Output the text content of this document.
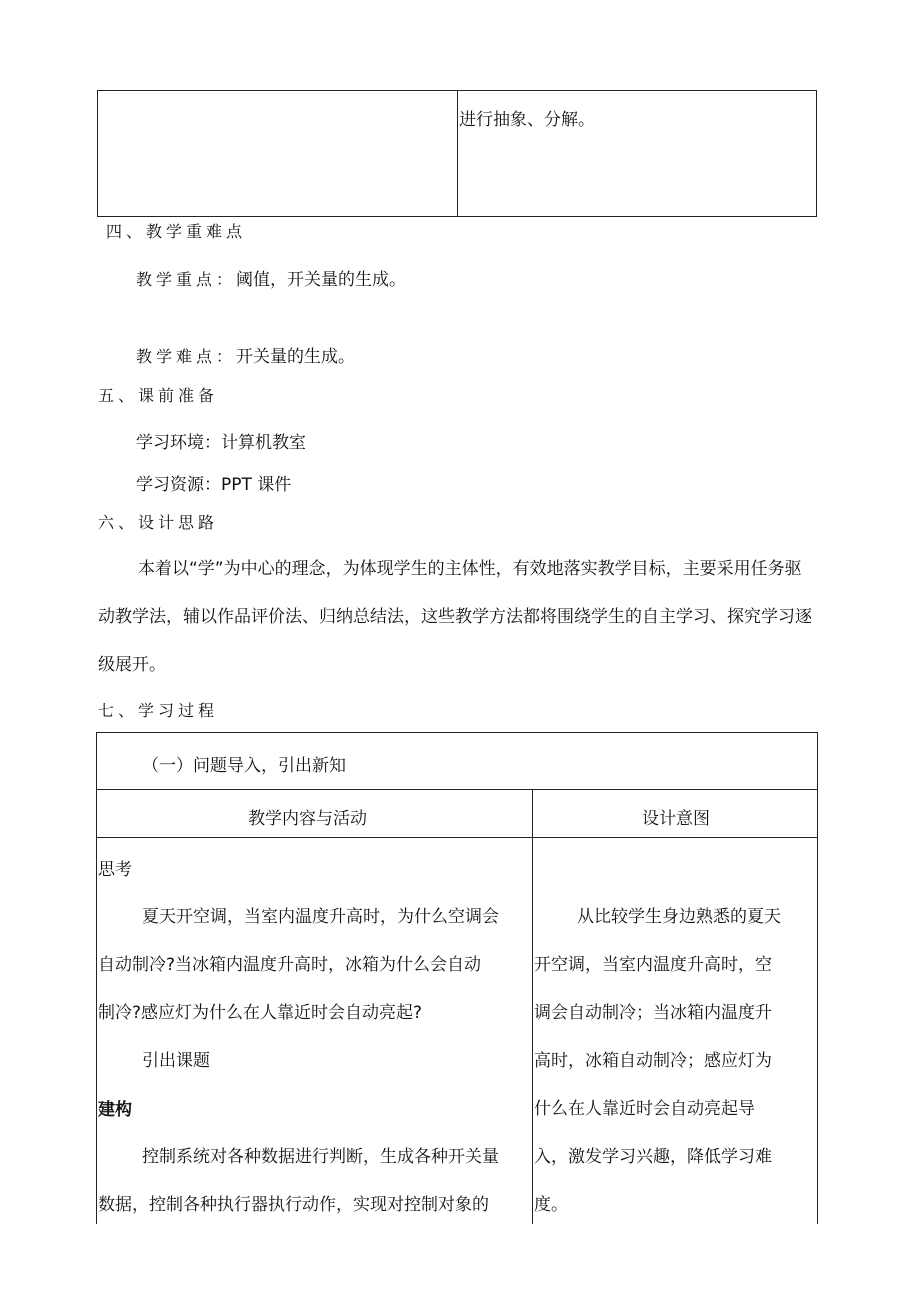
进行抽象、分解。
四、教学重难点
教学重点：阈值，开关量的生成。
教学难点：开关量的生成。
五、课前准备
学习环境：计算机教室
学习资源：PPT 课件
六、设计思路
本着以“学”为中心的理念，为体现学生的主体性，有效地落实教学目标，主要采用任务驱
动教学法，辅以作品评价法、归纳总结法，这些教学方法都将围绕学生的自主学习、探究学习逐
级展开。
七、学习过程
（一）问题导入，引出新知
教学内容与活动	设计意图
思考
夏天开空调，当室内温度升高时，为什么空调会
自动制冷?当冰箱内温度升高时，冰箱为什么会自动
制冷?感应灯为什么在人靠近时会自动亮起?
引出课题
建构
控制系统对各种数据进行判断，生成各种开关量
数据，控制各种执行器执行动作，实现对控制对象的
从比较学生身边熟悉的夏天
开空调，当室内温度升高时，空
调会自动制冷；当冰箱内温度升
高时，冰箱自动制冷；感应灯为
什么在人靠近时会自动亮起导
入，激发学习兴趣，降低学习难
度。
